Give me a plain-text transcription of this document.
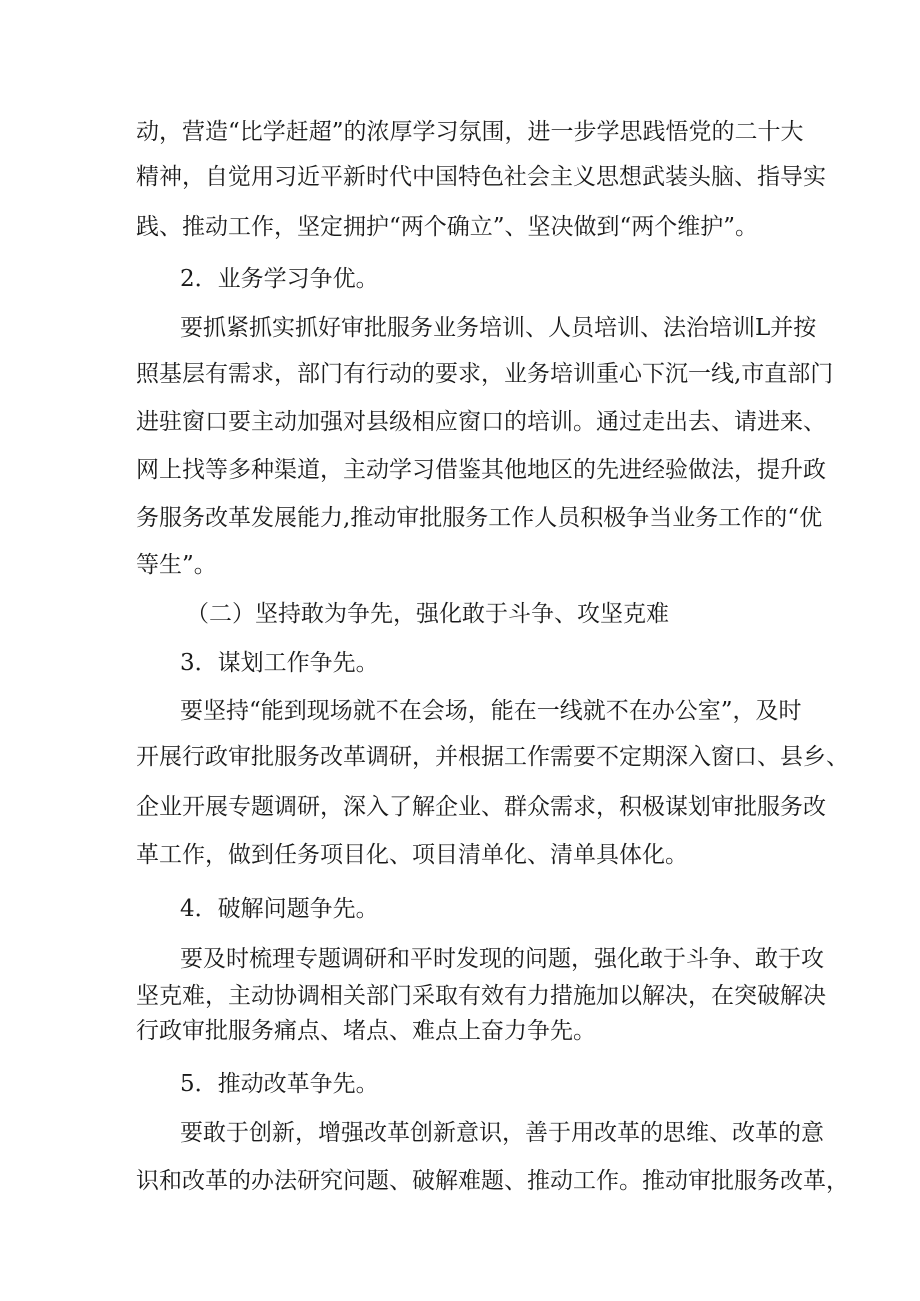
动，营造“比学赶超”的浓厚学习氛围，进一步学思践悟党的二十大
精神，自觉用习近平新时代中国特色社会主义思想武装头脑、指导实
践、推动工作，坚定拥护“两个确立”、坚决做到“两个维护”。
2．业务学习争优。
要抓紧抓实抓好审批服务业务培训、人员培训、法治培训L并按
照基层有需求，部门有行动的要求，业务培训重心下沉一线,市直部门
进驻窗口要主动加强对县级相应窗口的培训。通过走出去、请进来、
网上找等多种渠道，主动学习借鉴其他地区的先进经验做法，提升政
务服务改革发展能力,推动审批服务工作人员积极争当业务工作的“优
等生”。
（二）坚持敢为争先，强化敢于斗争、攻坚克难
3．谋划工作争先。
要坚持“能到现场就不在会场，能在一线就不在办公室”，及时
开展行政审批服务改革调研，并根据工作需要不定期深入窗口、县乡、
企业开展专题调研，深入了解企业、群众需求，积极谋划审批服务改
革工作，做到任务项目化、项目清单化、清单具体化。
4．破解问题争先。
要及时梳理专题调研和平时发现的问题，强化敢于斗争、敢于攻
坚克难，主动协调相关部门采取有效有力措施加以解决，在突破解决
行政审批服务痛点、堵点、难点上奋力争先。
5．推动改革争先。
要敢于创新，增强改革创新意识，善于用改革的思维、改革的意
识和改革的办法研究问题、破解难题、推动工作。推动审批服务改革，
